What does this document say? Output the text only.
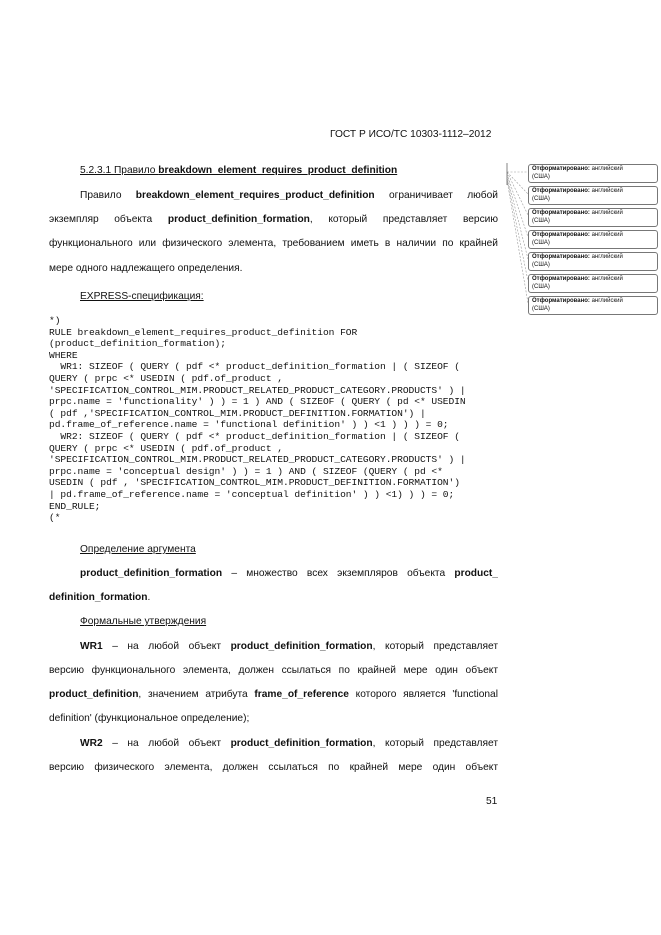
ГОСТ Р ИСО/ТС 10303-1112–2012
5.2.3.1 Правило breakdown_element_requires_product_definition
Правило breakdown_element_requires_product_definition ограничивает любой
экземпляр объекта product_definition_formation, который представляет версию
функционального или физического элемента, требованием иметь в наличии по крайней
мере одного надлежащего определения.
EXPRESS-спецификация:
*)
RULE breakdown_element_requires_product_definition FOR
(product_definition_formation);
WHERE
WR1: SIZEOF ( QUERY ( pdf <* product_definition_formation | ( SIZEOF (
QUERY ( prpc <* USEDIN ( pdf.of_product ,
'SPECIFICATION_CONTROL_MIM.PRODUCT_RELATED_PRODUCT_CATEGORY.PRODUCTS' ) |
prpc.name = 'functionality' ) ) = 1 ) AND ( SIZEOF ( QUERY ( pd <* USEDIN
( pdf ,'SPECIFICATION_CONTROL_MIM.PRODUCT_DEFINITION.FORMATION') |
pd.frame_of_reference.name = 'functional definition' ) ) <1 ) ) ) = 0;
WR2: SIZEOF ( QUERY ( pdf <* product_definition_formation | ( SIZEOF (
QUERY ( prpc <* USEDIN ( pdf.of_product ,
'SPECIFICATION_CONTROL_MIM.PRODUCT_RELATED_PRODUCT_CATEGORY.PRODUCTS' ) |
prpc.name = 'conceptual design' ) ) = 1 ) AND ( SIZEOF (QUERY ( pd <*
USEDIN ( pdf , 'SPECIFICATION_CONTROL_MIM.PRODUCT_DEFINITION.FORMATION')
| pd.frame_of_reference.name = 'conceptual definition' ) ) <1) ) ) = 0;
END_RULE;
(*
Определение аргумента
product_definition_formation – множество всех экземпляров объекта product_
definition_formation.
Формальные утверждения
WR1 – на любой объект product_definition_formation, который представляет
версию функционального элемента, должен ссылаться по крайней мере один объект
product_definition, значением атрибута frame_of_reference которого является 'functional
definition' (функциональное определение);
WR2 – на любой объект product_definition_formation, который представляет
версию физического элемента, должен ссылаться по крайней мере один объект
51
Отформатировано: английский
(США)
Отформатировано: английский
(США)
Отформатировано: английский
(США)
Отформатировано: английский
(США)
Отформатировано: английский
(США)
Отформатировано: английский
(США)
Отформатировано: английский
(США)
